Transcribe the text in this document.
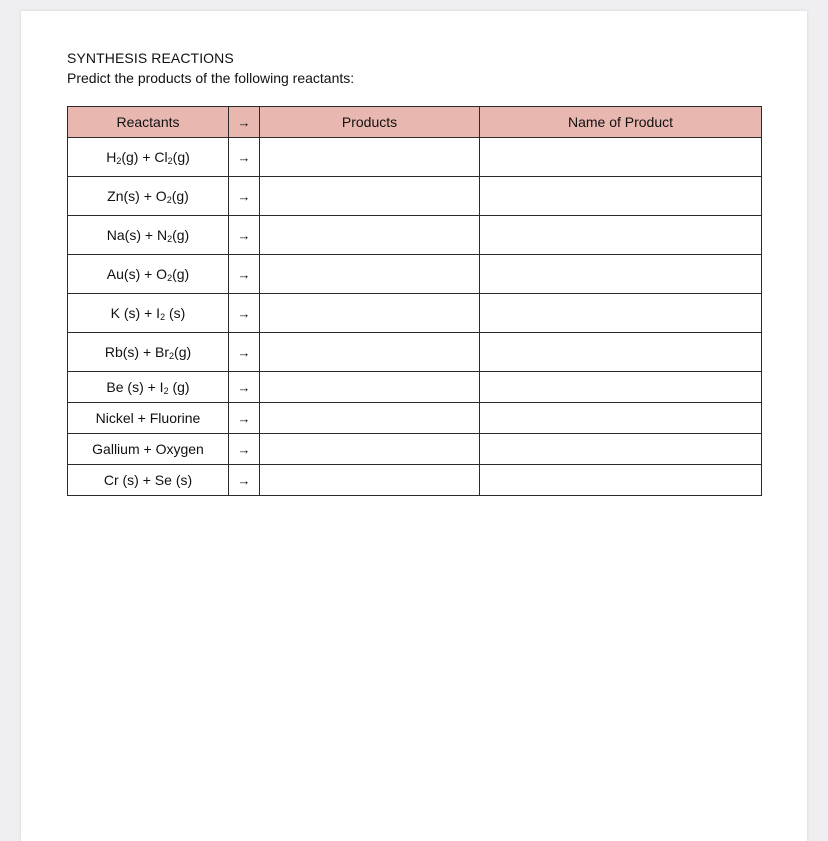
SYNTHESIS REACTIONS
Predict the products of the following reactants:
Reactants	→	Products	Name of Product
$H_2(g) + Cl_2(g)$	→		
$Zn(s) + O_2(g)$	→		
$Na(s) + N_2(g)$	→		
$Au(s) + O_2(g)$	→		
K $(s) + I_2$ (s)	→		
$Rb(s) + Br_2(g)$	→		
Be $(s) + I_2$ (g)	→		
Nickel + Fluorine	→		
Gallium + Oxygen	→		
Cr (s) + Se (s)	→		
